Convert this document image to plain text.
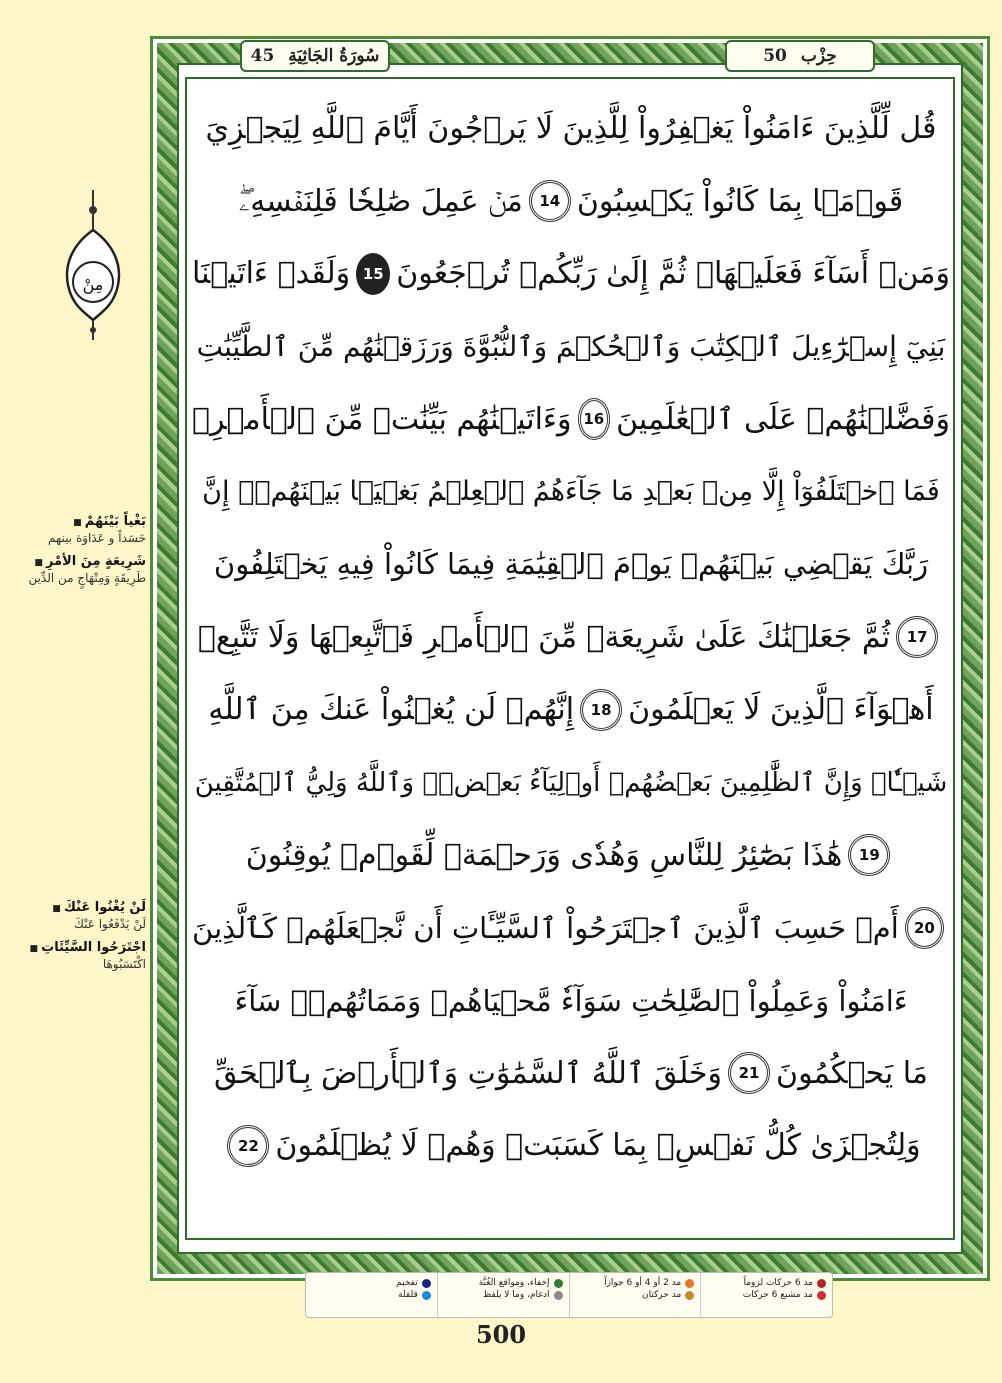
45 سُورَةُ الجَاثِيَةِ	50 حِزْب
مِنْ
قُل لِّلَّذِينَ ءَامَنُواْ يَغۡفِرُواْ لِلَّذِينَ لَا يَرۡجُونَ أَيَّامَ ٱللَّهِ لِيَجۡزِيَ
قَوۡمَۢا بِمَا كَانُواْ يَكۡسِبُونَ
14
مَنۡ عَمِلَ صَٰلِحٗا فَلِنَفۡسِهِۦۖ
وَمَنۡ أَسَآءَ فَعَلَيۡهَاۖ ثُمَّ إِلَىٰ رَبِّكُمۡ تُرۡجَعُونَ
15
وَلَقَدۡ ءَاتَيۡنَا
بَنِيٓ إِسۡرَٰٓءِيلَ ٱلۡكِتَٰبَ وَٱلۡحُكۡمَ وَٱلنُّبُوَّةَ وَرَزَقۡنَٰهُم مِّنَ ٱلطَّيِّبَٰتِ
وَفَضَّلۡنَٰهُمۡ عَلَى ٱلۡعَٰلَمِينَ
16
وَءَاتَيۡنَٰهُم بَيِّنَٰتٖ مِّنَ ٱلۡأَمۡرِۖ
فَمَا ٱخۡتَلَفُوٓاْ إِلَّا مِنۢ بَعۡدِ مَا جَآءَهُمُ ٱلۡعِلۡمُ بَغۡيَۢا بَيۡنَهُمۡۚ إِنَّ
رَبَّكَ يَقۡضِي بَيۡنَهُمۡ يَوۡمَ ٱلۡقِيَٰمَةِ فِيمَا كَانُواْ فِيهِ يَخۡتَلِفُونَ
17
ثُمَّ جَعَلۡنَٰكَ عَلَىٰ شَرِيعَةٖ مِّنَ ٱلۡأَمۡرِ فَٱتَّبِعۡهَا وَلَا تَتَّبِعۡ
أَهۡوَآءَ ٱلَّذِينَ لَا يَعۡلَمُونَ
18
إِنَّهُمۡ لَن يُغۡنُواْ عَنكَ مِنَ ٱللَّهِ
شَيۡـٔٗاۚ وَإِنَّ ٱلظَّٰلِمِينَ بَعۡضُهُمۡ أَوۡلِيَآءُ بَعۡضٖۖ وَٱللَّهُ وَلِيُّ ٱلۡمُتَّقِينَ
19
هَٰذَا بَصَٰٓئِرُ لِلنَّاسِ وَهُدٗى وَرَحۡمَةٞ لِّقَوۡمٖ يُوقِنُونَ
20
أَمۡ حَسِبَ ٱلَّذِينَ ٱجۡتَرَحُواْ ٱلسَّيِّـَٔاتِ أَن نَّجۡعَلَهُمۡ كَٱلَّذِينَ
ءَامَنُواْ وَعَمِلُواْ ٱلصَّٰلِحَٰتِ سَوَآءٗ مَّحۡيَاهُمۡ وَمَمَاتُهُمۡۚ سَآءَ
مَا يَحۡكُمُونَ
21
وَخَلَقَ ٱللَّهُ ٱلسَّمَٰوَٰتِ وَٱلۡأَرۡضَ بِٱلۡحَقِّ
وَلِتُجۡزَىٰ كُلُّ نَفۡسِۭ بِمَا كَسَبَتۡ وَهُمۡ لَا يُظۡلَمُونَ
22
بَغْياً بَيْنَهُمْ ■
حَسَداً و عَدَاوَة بينهم
شَرِيعَةٍ مِنَ الأمْرِ ■
طَرِيقَةٍ وَمِنْهَاجٍ من الدِّين
لَنْ يُغْنُوا عَنْكَ ■
لَنْ يَدْفَعُوا عَنْكَ
اجْتَرَحُوا السَّيِّئَاتِ ■
اكْتَسَبُوهَا
مد 6 حركات لزوماً
مد مشبع 6 حركات
مد 2 أو 4 أو 6 جوازاً
مد حركتان
إخفاء، ومواقع الغُنَّة
ادغام، وما لا يلفظ
تفخيم
قلقلة
500
